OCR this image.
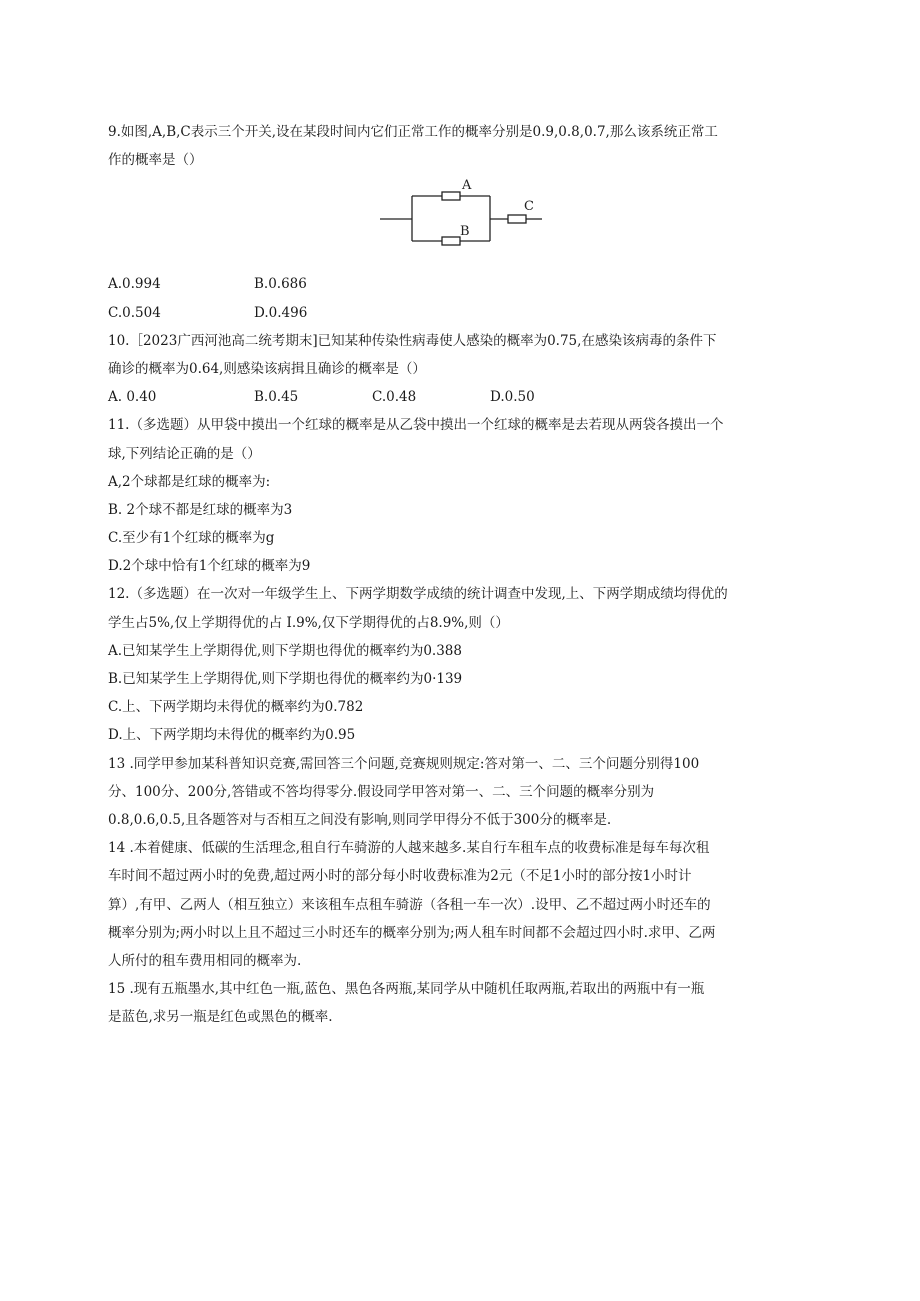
9.如图,A,B,C表示三个开关,设在某段时间内它们正常工作的概率分别是0.9,0.8,0.7,那么该系统正常工
作的概率是（）
A
B
C
A.0.994	B.0.686
C.0.504	D.0.496
10.［2023广西河池高二统考期末]已知某种传染性病毒使人感染的概率为0.75,在感染该病毒的条件下
确诊的概率为0.64,则感染该病揖且确诊的概率是（）
A. 0.40	B.0.45	C.0.48	D.0.50
11.（多选题）从甲袋中摸出一个红球的概率是从乙袋中摸出一个红球的概率是去若现从两袋各摸出一个
球,下列结论正确的是（）
A,2个球都是红球的概率为:
B. 2个球不都是红球的概率为3
C.至少有1个红球的概率为g
D.2个球中恰有1个红球的概率为9
12.（多选题）在一次对一年级学生上、下两学期数学成绩的统计调查中发现,上、下两学期成绩均得优的
学生占5%,仅上学期得优的占 I.9%,仅下学期得优的占8.9%,则（）
A.已知某学生上学期得优,则下学期也得优的概率约为0.388
B.已知某学生上学期得优,则下学期也得优的概率约为0·139
C.上、下两学期均未得优的概率约为0.782
D.上、下两学期均未得优的概率约为0.95
13 .同学甲参加某科普知识竞赛,需回答三个问题,竞赛规则规定:答对第一、二、三个问题分别得100
分、100分、200分,答错或不答均得零分.假设同学甲答对第一、二、三个问题的概率分别为
0.8,0.6,0.5,且各题答对与否相互之间没有影响,则同学甲得分不低于300分的概率是.
14 .本着健康、低碳的生活理念,租自行车骑游的人越来越多.某自行车租车点的收费标准是每车每次租
车时间不超过两小时的免费,超过两小时的部分每小时收费标准为2元（不足1小时的部分按1小时计
算）,有甲、乙两人（相互独立）来该租车点租车骑游（各租一车一次）.设甲、乙不超过两小时还车的
概率分别为;两小时以上且不超过三小时还车的概率分别为;两人租车时间都不会超过四小时.求甲、乙两
人所付的租车费用相同的概率为.
15 .现有五瓶墨水,其中红色一瓶,蓝色、黑色各两瓶,某同学从中随机任取两瓶,若取出的两瓶中有一瓶
是蓝色,求另一瓶是红色或黑色的概率.
